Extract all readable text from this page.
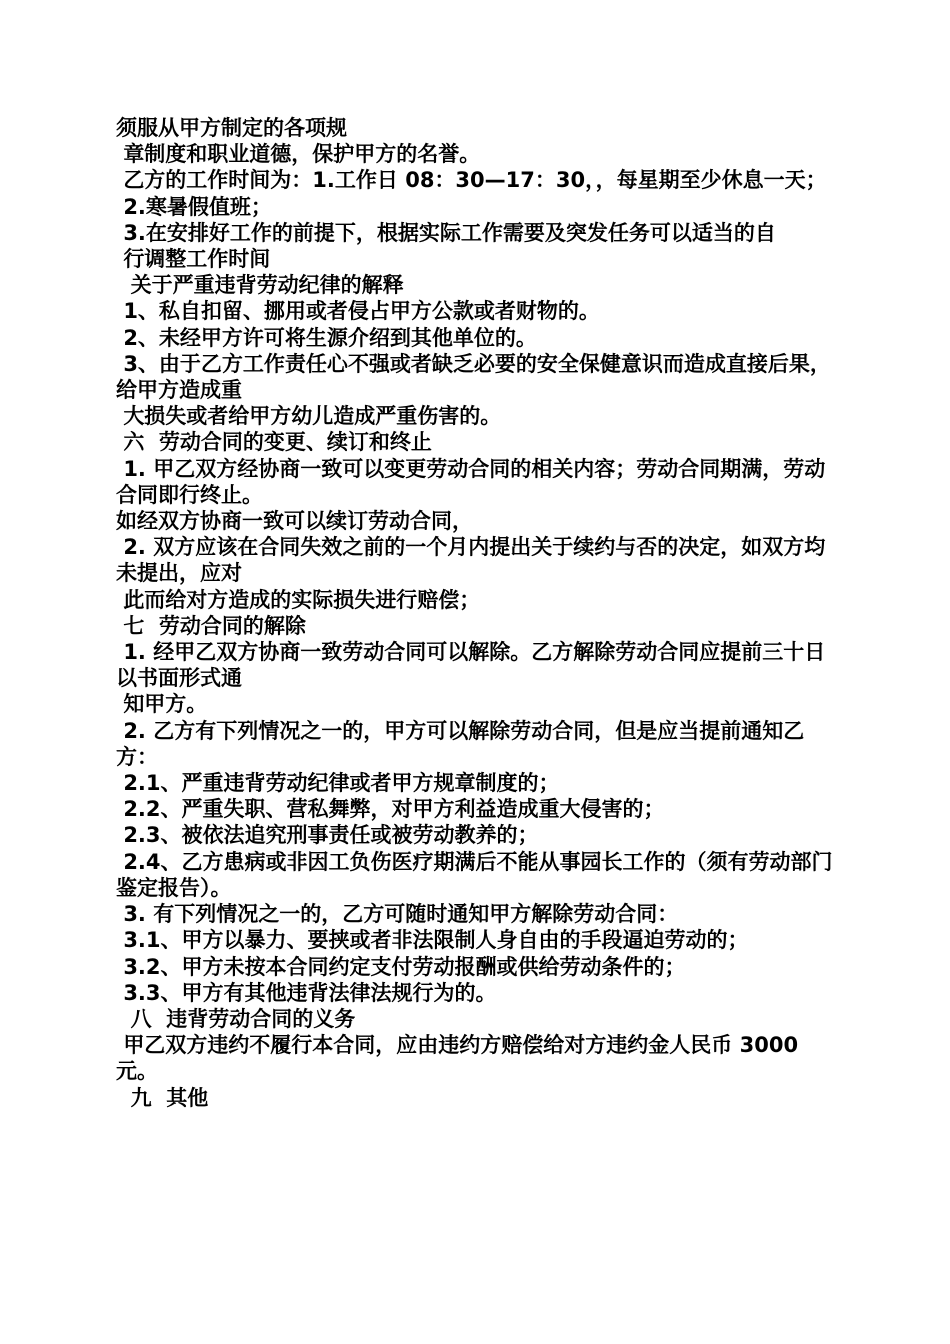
须服从甲方制定的各项规

章制度和职业道德，保护甲方的名誉。

乙方的工作时间为：1.工作日 08：30—17：30，，每星期至少休息一天；

2.寒暑假值班；

3.在安排好工作的前提下，根据实际工作需要及突发任务可以适当的自

行调整工作时间

关于严重违背劳动纪律的解释

1、私自扣留、挪用或者侵占甲方公款或者财物的。

2、未经甲方许可将生源介绍到其他单位的。

3、由于乙方工作责任心不强或者缺乏必要的安全保健意识而造成直接后果，给甲方造成重

大损失或者给甲方幼儿造成严重伤害的。

六  劳动合同的变更、续订和终止

1. 甲乙双方经协商一致可以变更劳动合同的相关内容；劳动合同期满，劳动合同即行终止。

如经双方协商一致可以续订劳动合同，

2. 双方应该在合同失效之前的一个月内提出关于续约与否的决定，如双方均未提出，应对

此而给对方造成的实际损失进行赔偿；

七  劳动合同的解除

1. 经甲乙双方协商一致劳动合同可以解除。乙方解除劳动合同应提前三十日以书面形式通

知甲方。

2. 乙方有下列情况之一的，甲方可以解除劳动合同，但是应当提前通知乙方：

2.1、严重违背劳动纪律或者甲方规章制度的；

2.2、严重失职、营私舞弊，对甲方利益造成重大侵害的；

2.3、被依法追究刑事责任或被劳动教养的；

2.4、乙方患病或非因工负伤医疗期满后不能从事园长工作的（须有劳动部门鉴定报告）。

3. 有下列情况之一的，乙方可随时通知甲方解除劳动合同：

3.1、甲方以暴力、要挟或者非法限制人身自由的手段逼迫劳动的；

3.2、甲方未按本合同约定支付劳动报酬或供给劳动条件的；

3.3、甲方有其他违背法律法规行为的。

八  违背劳动合同的义务

甲乙双方违约不履行本合同，应由违约方赔偿给对方违约金人民币 3000 元。

九  其他
